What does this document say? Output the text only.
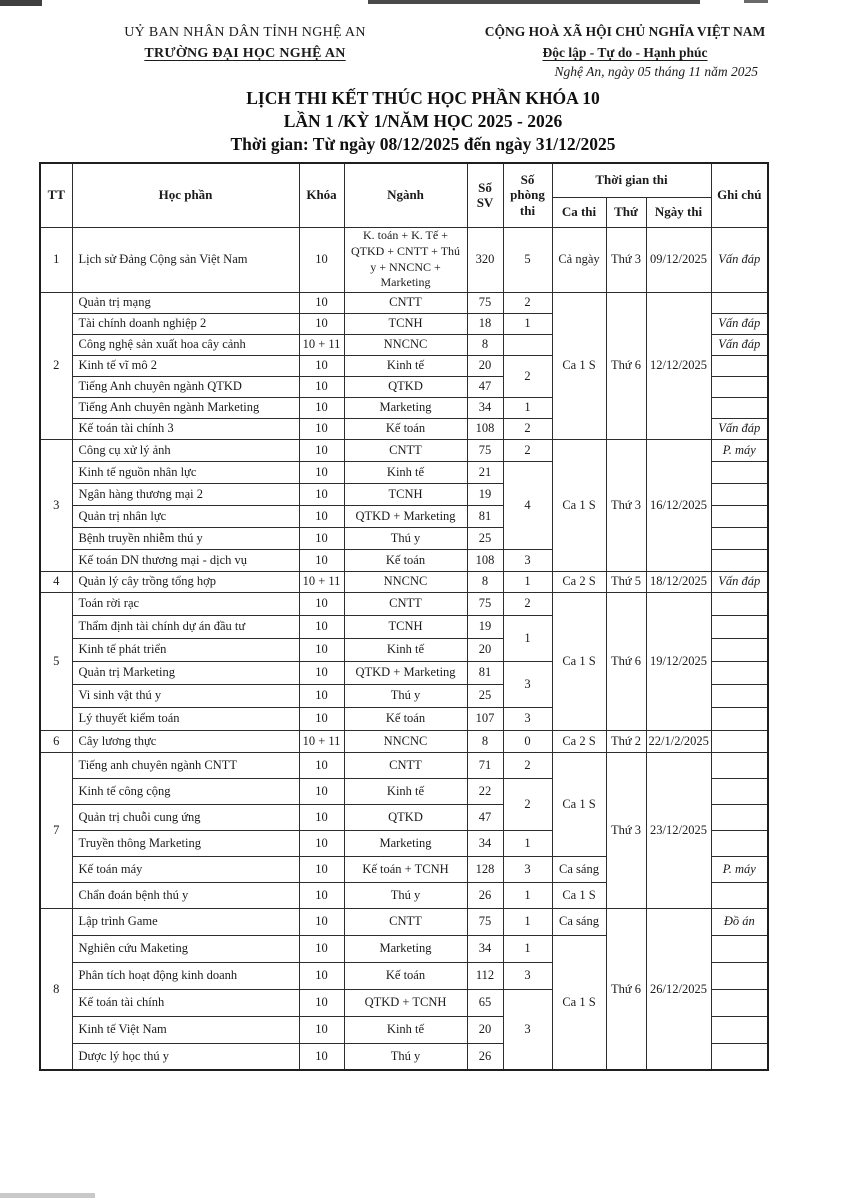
UỶ BAN NHÂN DÂN TỈNH NGHỆ AN
TRƯỜNG ĐẠI HỌC NGHỆ AN
CỘNG HOÀ XÃ HỘI CHỦ NGHĨA VIỆT NAM
Độc lập - Tự do - Hạnh phúc
Nghệ An, ngày 05 tháng 11 năm 2025
LỊCH THI KẾT THÚC HỌC PHẦN KHÓA 10
LẦN 1 /KỲ 1/NĂM HỌC 2025 - 2026
Thời gian: Từ ngày 08/12/2025 đến ngày 31/12/2025
TT	Học phần	Khóa	Ngành	Số SV	Số phòng thi	Thời gian thi			Ghi chú
						Ca thi	Thứ	Ngày thi	
1	Lịch sử Đảng Cộng sản Việt Nam	10	K. toán + K. Tế + QTKD + CNTT + Thú y + NNCNC + Marketing	320	5	Cả ngày	Thứ 3	09/12/2025	Vấn đáp
2	Quản trị mạng	10	CNTT	75	2	Ca 1 S	Thứ 6	12/12/2025	
	Tài chính doanh nghiệp 2	10	TCNH	18	1				Vấn đáp
	Công nghệ sản xuất hoa cây cảnh	10 + 11	NNCNC	8					Vấn đáp
	Kinh tế vĩ mô 2	10	Kinh tế	20	2				
	Tiếng Anh chuyên ngành QTKD	10	QTKD	47					
	Tiếng Anh chuyên ngành Marketing	10	Marketing	34	1				
	Kế toán tài chính 3	10	Kế toán	108	2				Vấn đáp
3	Công cụ xử lý ảnh	10	CNTT	75	2	Ca 1 S	Thứ 3	16/12/2025	P. máy
	Kinh tế nguồn nhân lực	10	Kinh tế	21	4				
	Ngân hàng thương mại 2	10	TCNH	19					
	Quản trị nhân lực	10	QTKD + Marketing	81					
	Bệnh truyền nhiễm thú y	10	Thú y	25					
	Kế toán DN thương mại - dịch vụ	10	Kế toán	108	3				
4	Quản lý cây trồng tổng hợp	10 + 11	NNCNC	8	1	Ca 2 S	Thứ 5	18/12/2025	Vấn đáp
5	Toán rời rạc	10	CNTT	75	2	Ca 1 S	Thứ 6	19/12/2025	
	Thẩm định tài chính dự án đầu tư	10	TCNH	19	1				
	Kinh tế phát triển	10	Kinh tế	20					
	Quản trị Marketing	10	QTKD + Marketing	81	3				
	Vi sinh vật thú y	10	Thú y	25					
	Lý thuyết kiểm toán	10	Kế toán	107	3				
6	Cây lương thực	10 + 11	NNCNC	8	0	Ca 2 S	Thứ 2	22/1/2/2025	
7	Tiếng anh chuyên ngành CNTT	10	CNTT	71	2	Ca 1 S	Thứ 3	23/12/2025	
	Kinh tế công cộng	10	Kinh tế	22	2				
	Quản trị chuỗi cung ứng	10	QTKD	47					
	Truyền thông Marketing	10	Marketing	34	1				
	Kế toán máy	10	Kế toán + TCNH	128	3	Ca sáng			P. máy
	Chẩn đoán bệnh thú y	10	Thú y	26	1	Ca 1 S			
8	Lập trình Game	10	CNTT	75	1	Ca sáng	Thứ 6	26/12/2025	Đồ án
	Nghiên cứu Maketing	10	Marketing	34	1	Ca 1 S			
	Phân tích hoạt động kinh doanh	10	Kế toán	112	3				
	Kế toán tài chính	10	QTKD + TCNH	65	3				
	Kinh tế Việt Nam	10	Kinh tế	20					
	Dược lý học thú y	10	Thú y	26					
